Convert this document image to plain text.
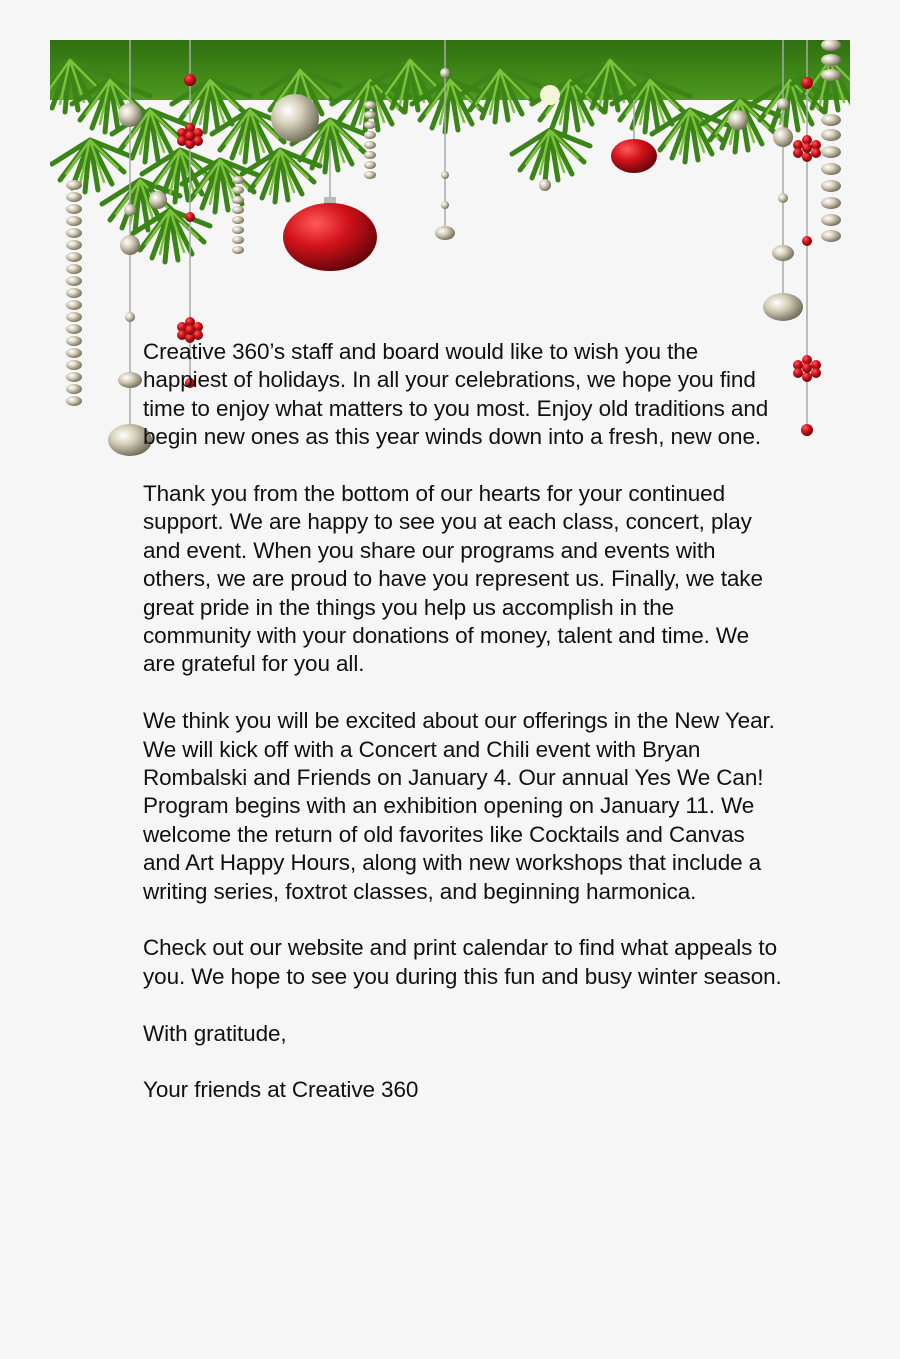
Creative 360’s staff and board would like to wish you the happiest of holidays. In all your celebrations, we hope you find time to enjoy what matters to you most. Enjoy old traditions and begin new ones as this year winds down into a fresh, new one.

Thank you from the bottom of our hearts for your continued support. We are happy to see you at each class, concert, play and event. When you share our programs and events with others, we are proud to have you represent us. Finally, we take great pride in the things you help us accomplish in the community with your donations of money, talent and time. We are grateful for you all.

We think you will be excited about our offerings in the New Year. We will kick off with a Concert and Chili event with Bryan Rombalski and Friends on January 4. Our annual Yes We Can! Program begins with an exhibition opening on January 11. We welcome the return of old favorites like Cocktails and Canvas and Art Happy Hours, along with new workshops that include a writing series, foxtrot classes, and beginning harmonica.

Check out our website and print calendar to find what appeals to you. We hope to see you during this fun and busy winter season.

With gratitude,

Your friends at Creative 360
